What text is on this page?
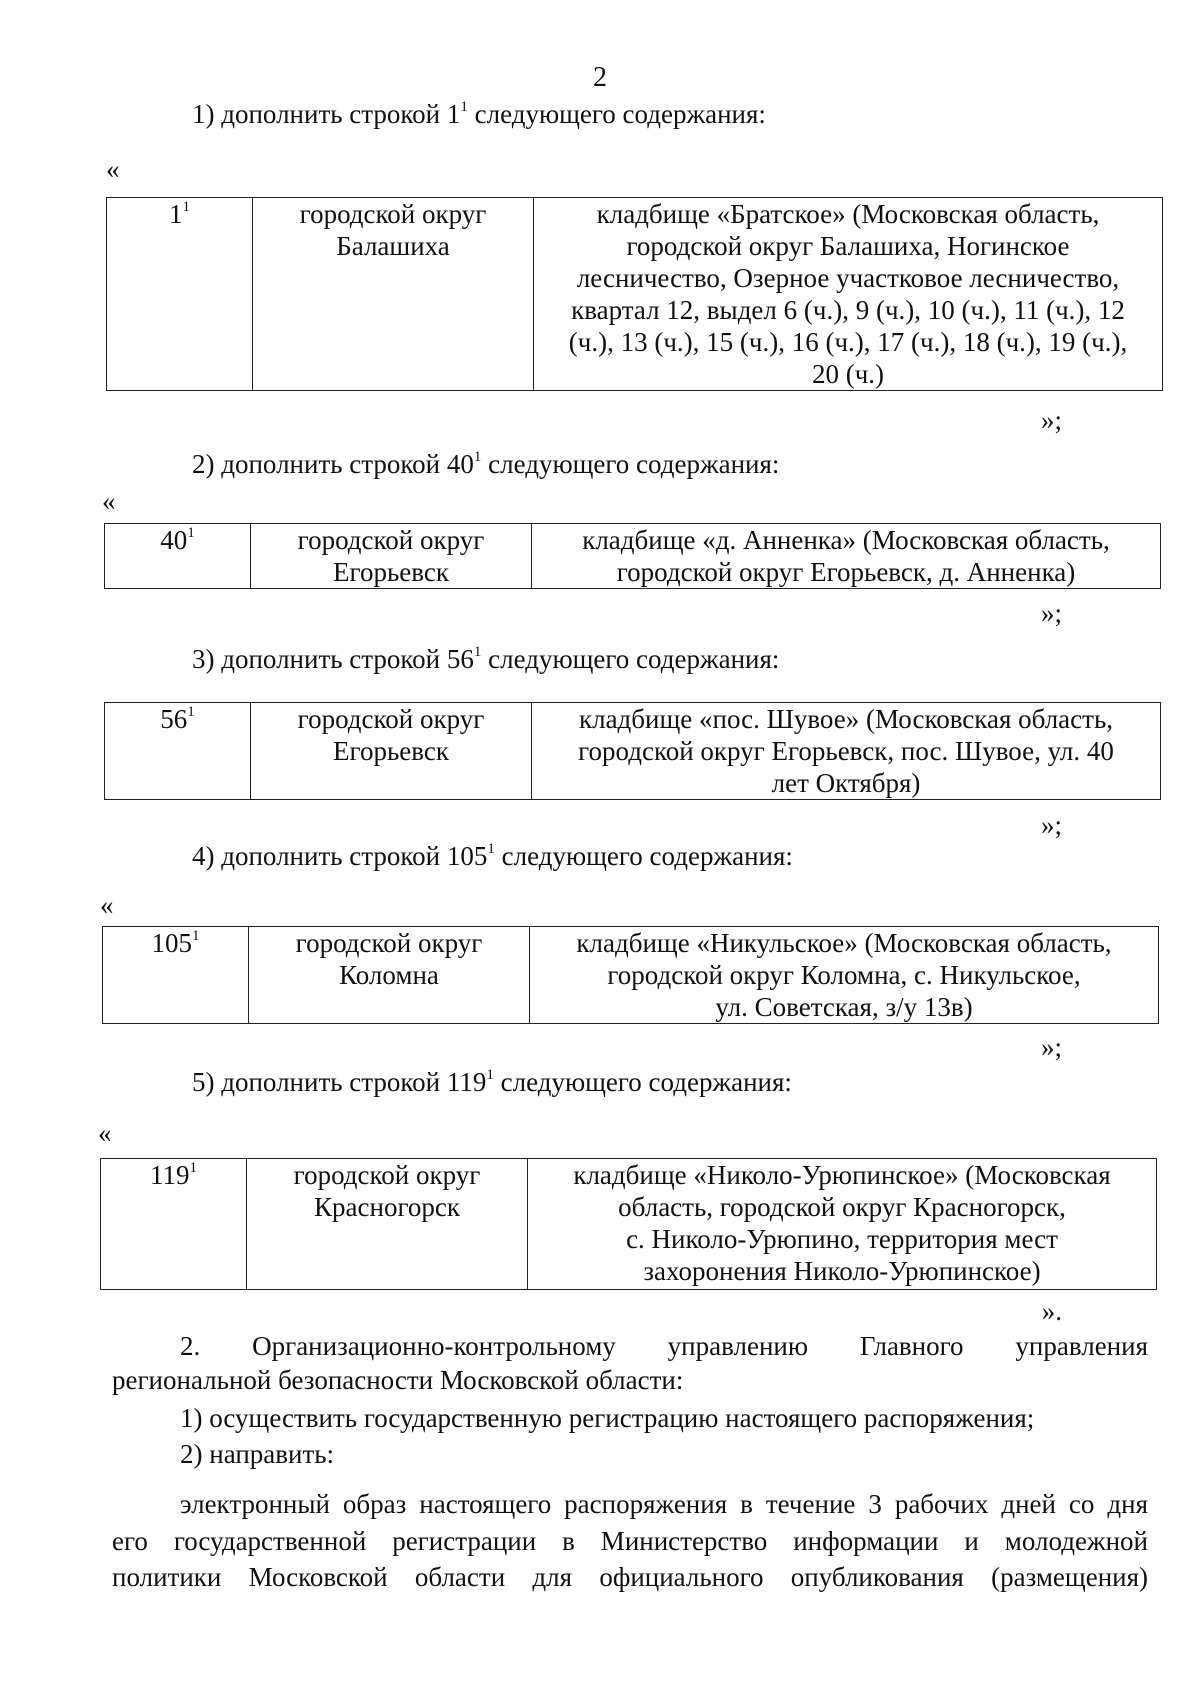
2
1) дополнить строкой $1^1$ следующего содержания:
«
$1^1$	городской округ
Балашиха

кладбище «Братское» (Московская область,
городской округ Балашиха, Ногинское
лесничество, Озерное участковое лесничество,
квартал 12, выдел 6 (ч.), 9 (ч.), 10 (ч.), 11 (ч.), 12
(ч.), 13 (ч.), 15 (ч.), 16 (ч.), 17 (ч.), 18 (ч.), 19 (ч.),
20 (ч.)
»;
2) дополнить строкой $40^1$ следующего содержания:
«
$40^1$	городской округ
Егорьевск

кладбище «д. Анненка» (Московская область,
городской округ Егорьевск, д. Анненка)
»;
3) дополнить строкой $56^1$ следующего содержания:
$56^1$	городской округ
Егорьевск

кладбище «пос. Шувое» (Московская область,
городской округ Егорьевск, пос. Шувое, ул. 40
лет Октября)
»;
4) дополнить строкой $105^1$ следующего содержания:
«
$105^1$	городской округ
Коломна

кладбище «Никульское» (Московская область,
городской округ Коломна, с. Никульское,
ул. Советская, з/у 13в)
»;
5) дополнить строкой $119^1$ следующего содержания:
«
$119^1$	городской округ
Красногорск

кладбище «Николо-Урюпинское» (Московская
область, городской округ Красногорск,
с. Николо-Урюпино, территория мест
захоронения Николо-Урюпинское)
».
2. Организационно-контрольному управлению Главного управления
региональной безопасности Московской области:
1) осуществить государственную регистрацию настоящего распоряжения;
2) направить:
электронный образ настоящего распоряжения в течение 3 рабочих дней со дня
его государственной регистрации в Министерство информации и молодежной
политики Московской области для официального опубликования (размещения)
